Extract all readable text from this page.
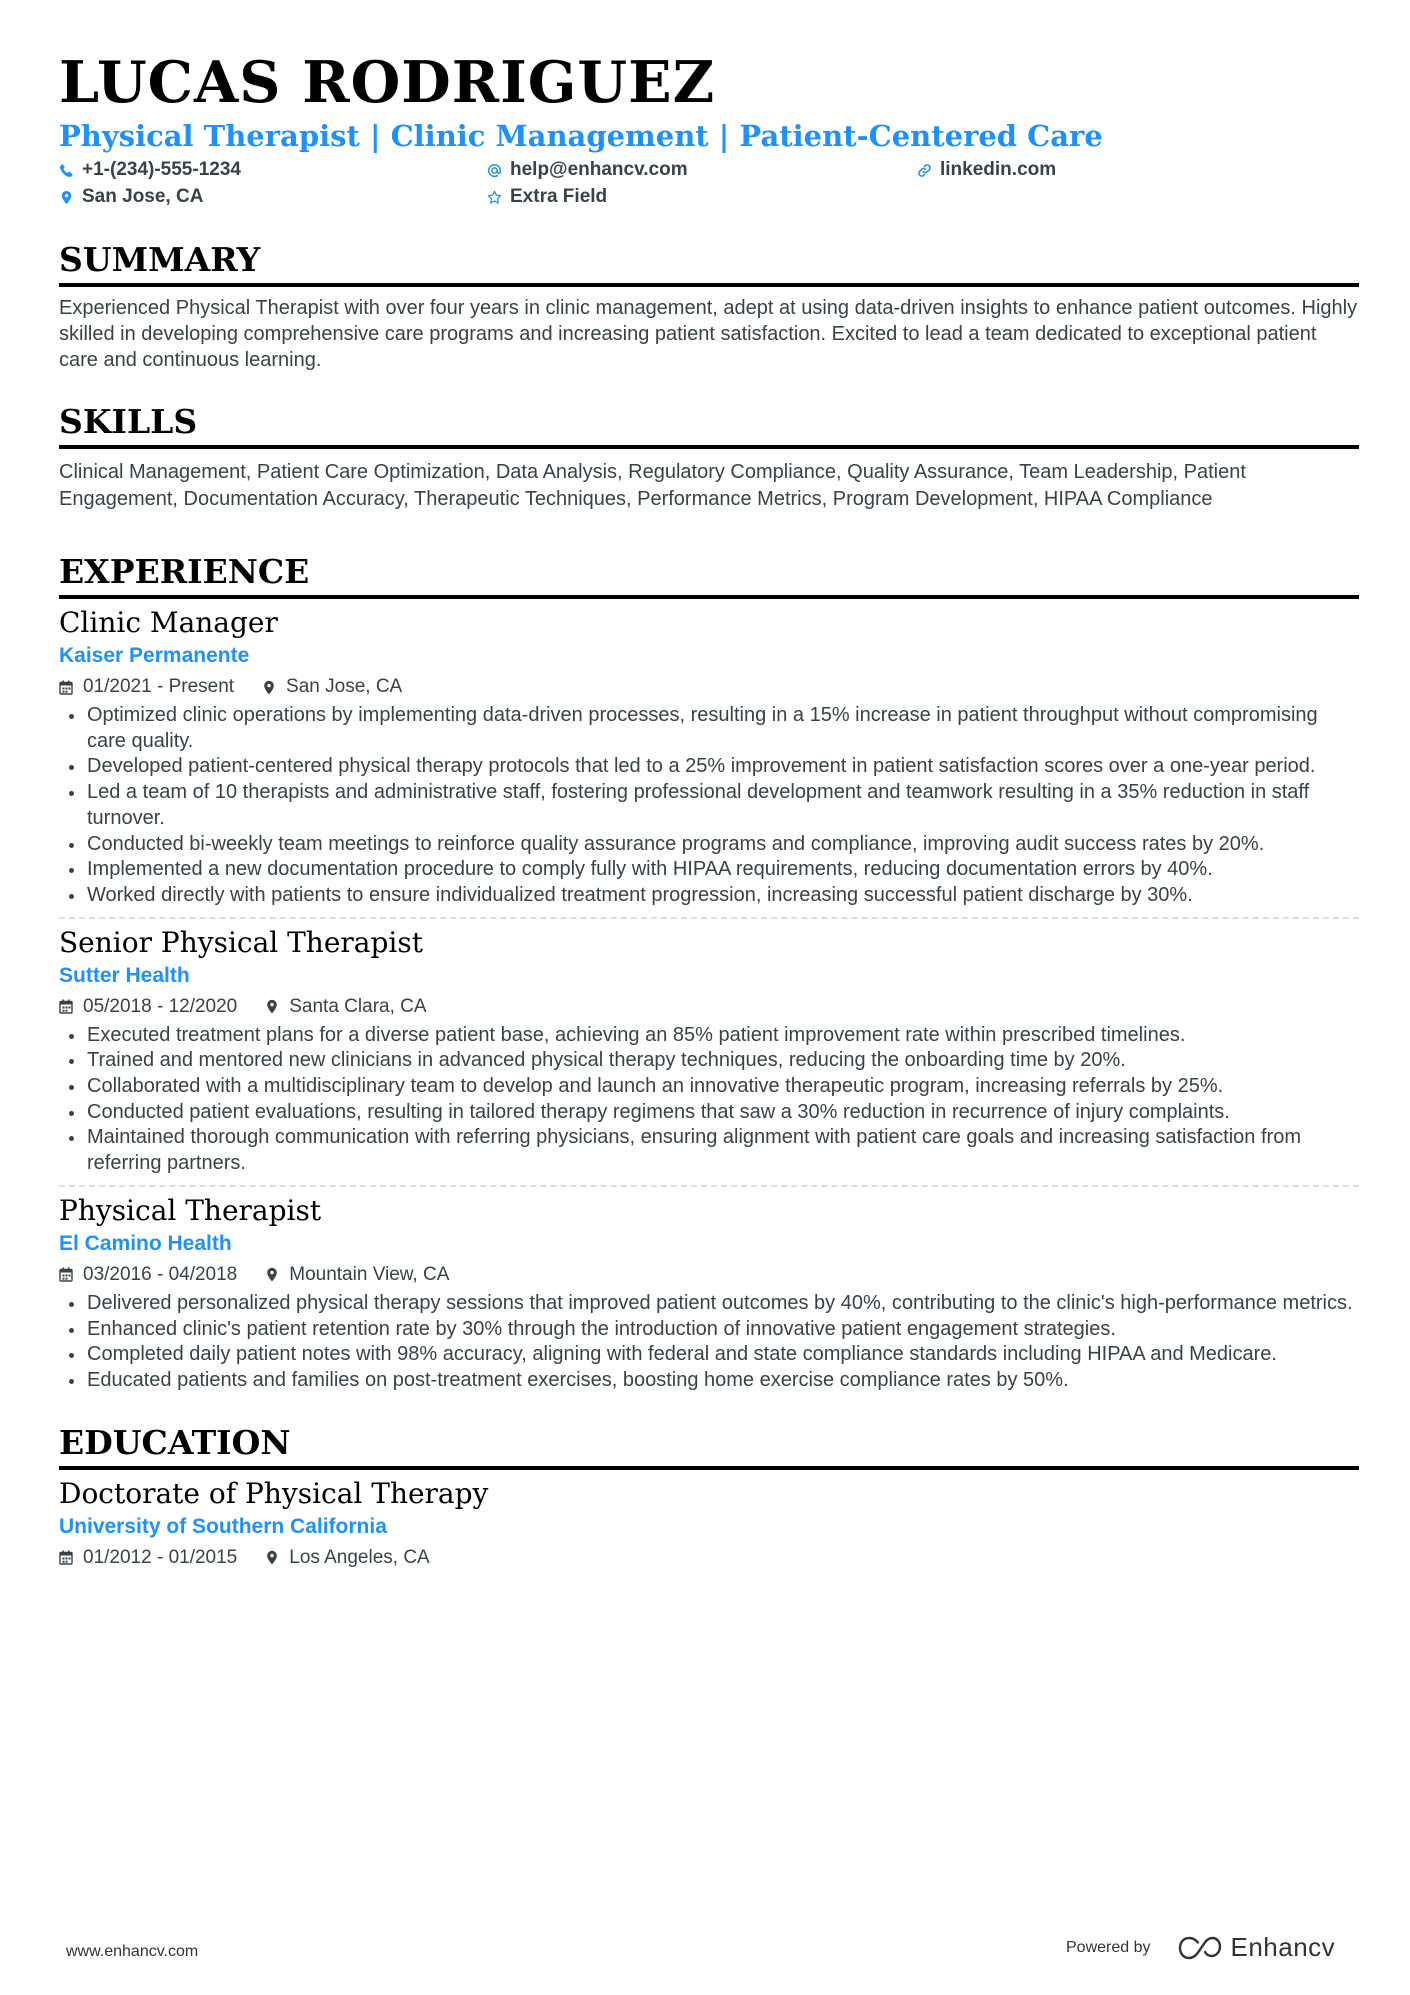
LUCAS RODRIGUEZ
Physical Therapist | Clinic Management | Patient-Centered Care
+1-(234)-555-1234	help@enhancv.com	linkedin.com
San Jose, CA	Extra Field
SUMMARY
Experienced Physical Therapist with over four years in clinic management, adept at using data-driven insights to enhance patient outcomes. Highly skilled in developing comprehensive care programs and increasing patient satisfaction. Excited to lead a team dedicated to exceptional patient care and continuous learning.
SKILLS
Clinical Management, Patient Care Optimization, Data Analysis, Regulatory Compliance, Quality Assurance, Team Leadership, Patient Engagement, Documentation Accuracy, Therapeutic Techniques, Performance Metrics, Program Development, HIPAA Compliance
EXPERIENCE
Clinic Manager
Kaiser Permanente
01/2021 - Present	San Jose, CA
Optimized clinic operations by implementing data-driven processes, resulting in a 15% increase in patient throughput without compromising care quality.
Developed patient-centered physical therapy protocols that led to a 25% improvement in patient satisfaction scores over a one-year period.
Led a team of 10 therapists and administrative staff, fostering professional development and teamwork resulting in a 35% reduction in staff turnover.
Conducted bi-weekly team meetings to reinforce quality assurance programs and compliance, improving audit success rates by 20%.
Implemented a new documentation procedure to comply fully with HIPAA requirements, reducing documentation errors by 40%.
Worked directly with patients to ensure individualized treatment progression, increasing successful patient discharge by 30%.
Senior Physical Therapist
Sutter Health
05/2018 - 12/2020	Santa Clara, CA
Executed treatment plans for a diverse patient base, achieving an 85% patient improvement rate within prescribed timelines.
Trained and mentored new clinicians in advanced physical therapy techniques, reducing the onboarding time by 20%.
Collaborated with a multidisciplinary team to develop and launch an innovative therapeutic program, increasing referrals by 25%.
Conducted patient evaluations, resulting in tailored therapy regimens that saw a 30% reduction in recurrence of injury complaints.
Maintained thorough communication with referring physicians, ensuring alignment with patient care goals and increasing satisfaction from referring partners.
Physical Therapist
El Camino Health
03/2016 - 04/2018	Mountain View, CA
Delivered personalized physical therapy sessions that improved patient outcomes by 40%, contributing to the clinic's high-performance metrics.
Enhanced clinic's patient retention rate by 30% through the introduction of innovative patient engagement strategies.
Completed daily patient notes with 98% accuracy, aligning with federal and state compliance standards including HIPAA and Medicare.
Educated patients and families on post-treatment exercises, boosting home exercise compliance rates by 50%.
EDUCATION
Doctorate of Physical Therapy
University of Southern California
01/2012 - 01/2015	Los Angeles, CA
www.enhancv.com	Powered by	Enhancv
